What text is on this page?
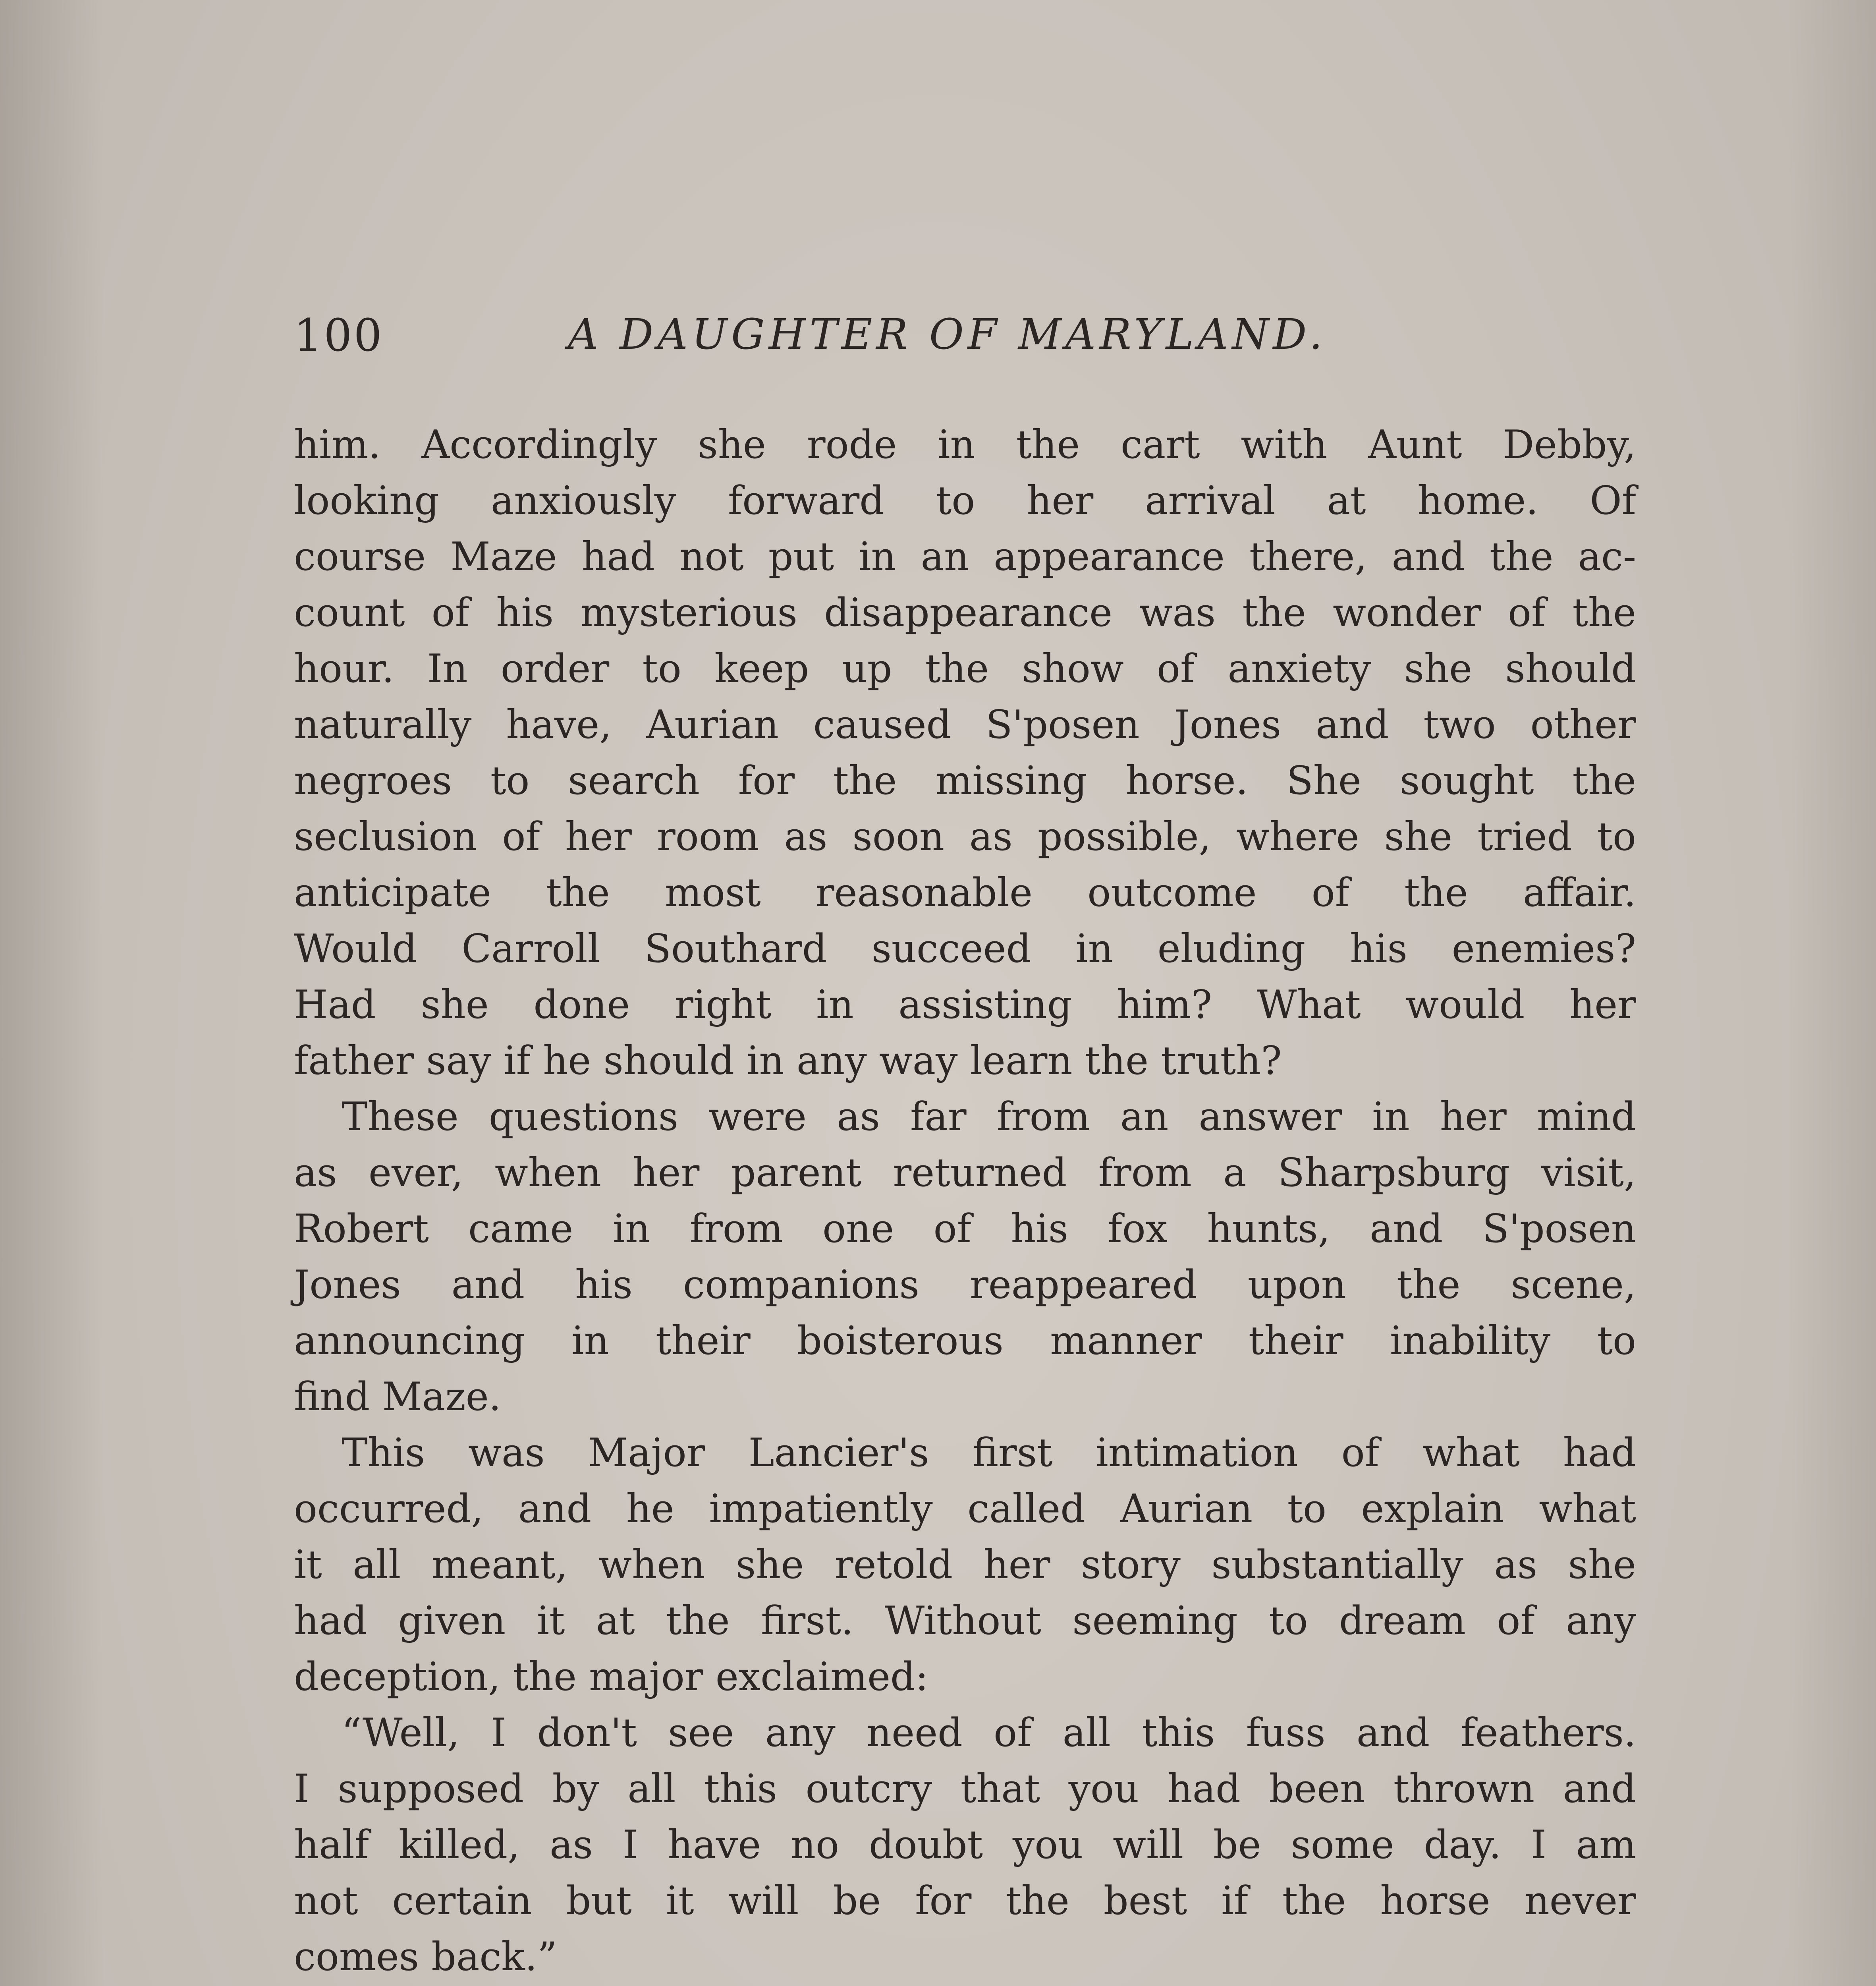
100	A DAUGHTER OF MARYLAND.
him. Accordingly she rode in the cart with Aunt Debby,
looking anxiously forward to her arrival at home. Of
course Maze had not put in an appearance there, and the ac-
count of his mysterious disappearance was the wonder of the
hour. In order to keep up the show of anxiety she should
naturally have, Aurian caused S'posen Jones and two other
negroes to search for the missing horse. She sought the
seclusion of her room as soon as possible, where she tried to
anticipate the most reasonable outcome of the affair.
Would Carroll Southard succeed in eluding his enemies?
Had she done right in assisting him? What would her
father say if he should in any way learn the truth?
These questions were as far from an answer in her mind
as ever, when her parent returned from a Sharpsburg visit,
Robert came in from one of his fox hunts, and S'posen
Jones and his companions reappeared upon the scene,
announcing in their boisterous manner their inability to
find Maze.
This was Major Lancier's first intimation of what had
occurred, and he impatiently called Aurian to explain what
it all meant, when she retold her story substantially as she
had given it at the first. Without seeming to dream of any
deception, the major exclaimed:
“Well, I don't see any need of all this fuss and feathers.
I supposed by all this outcry that you had been thrown and
half killed, as I have no doubt you will be some day. I am
not certain but it will be for the best if the horse never
comes back.”
